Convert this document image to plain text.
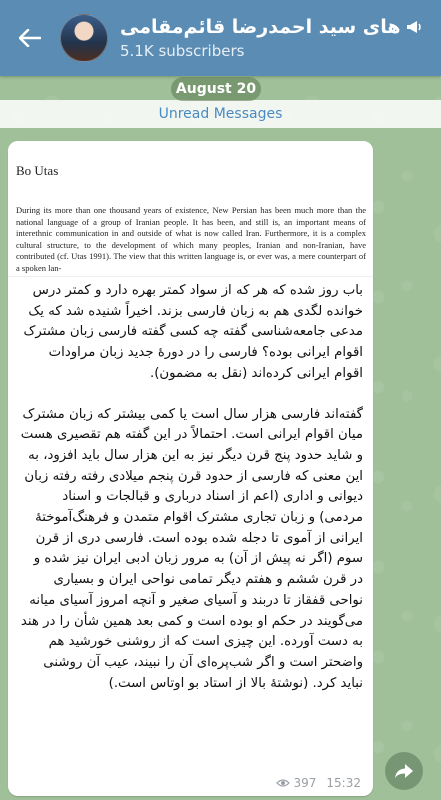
های سید احمدرضا قائم‌مقامی
5.1K subscribers
Unread Messages
August 20
Bo Utas
During its more than one thousand years of existence, New Persian has been much more than the national language of a group of Iranian people. It has been, and still is, an important means of interethnic communication in and outside of what is now called Iran. Furthermore, it is a complex cultural structure, to the development of which many peoples, Iranian and non-Iranian, have contributed (cf. Utas 1991). The view that this written language is, or ever was, a mere counterpart of a spoken lan-

باب روز شده که هر که از سواد کمتر بهره دارد و کمتر درس خوانده لگدی هم به زبان فارسی بزند. اخیراً شنیده شد که یک مدعی جامعه‌شناسی گفته چه کسی گفته فارسی زبان مشترک اقوام ایرانی بوده؟ فارسی را در دورهٔ جدید زبان مراودات اقوام ایرانی کرده‌اند (نقل به مضمون).

گفته‌اند فارسی هزار سال است یا کمی بیشتر که زبان مشترک میان اقوام ایرانی است. احتمالاً در این گفته هم تقصیری هست و شاید حدود پنج قرن دیگر نیز به این هزار سال باید افزود، به این معنی که فارسی از حدود قرن پنجم میلادی رفته رفته زبان دیوانی و اداری (اعم از اسناد درباری و قبالجات و اسناد مردمی) و زبان تجاری مشترک اقوام متمدن و فرهنگ‌آموختهٔ ایرانی از آموی تا دجله شده بوده است. فارسی دری از قرن سوم (اگر نه پیش از آن) به مرور زبان ادبی ایران نیز شده و در قرن ششم و هفتم دیگر تمامی نواحی ایران و بسیاری نواحی قفقاز تا دربند و آسیای صغیر و آنچه امروز آسیای میانه می‌گویند در حکم او بوده است و کمی بعد همین شأن را در هند به دست آورده. این چیزی است که از روشنی خورشید هم واضحتر است و اگر شب‌پره‌ای آن را نبیند، عیب آن روشنی نباید کرد. (نوشتهٔ بالا از استاد بو اوتاس است.)

397 15:32
